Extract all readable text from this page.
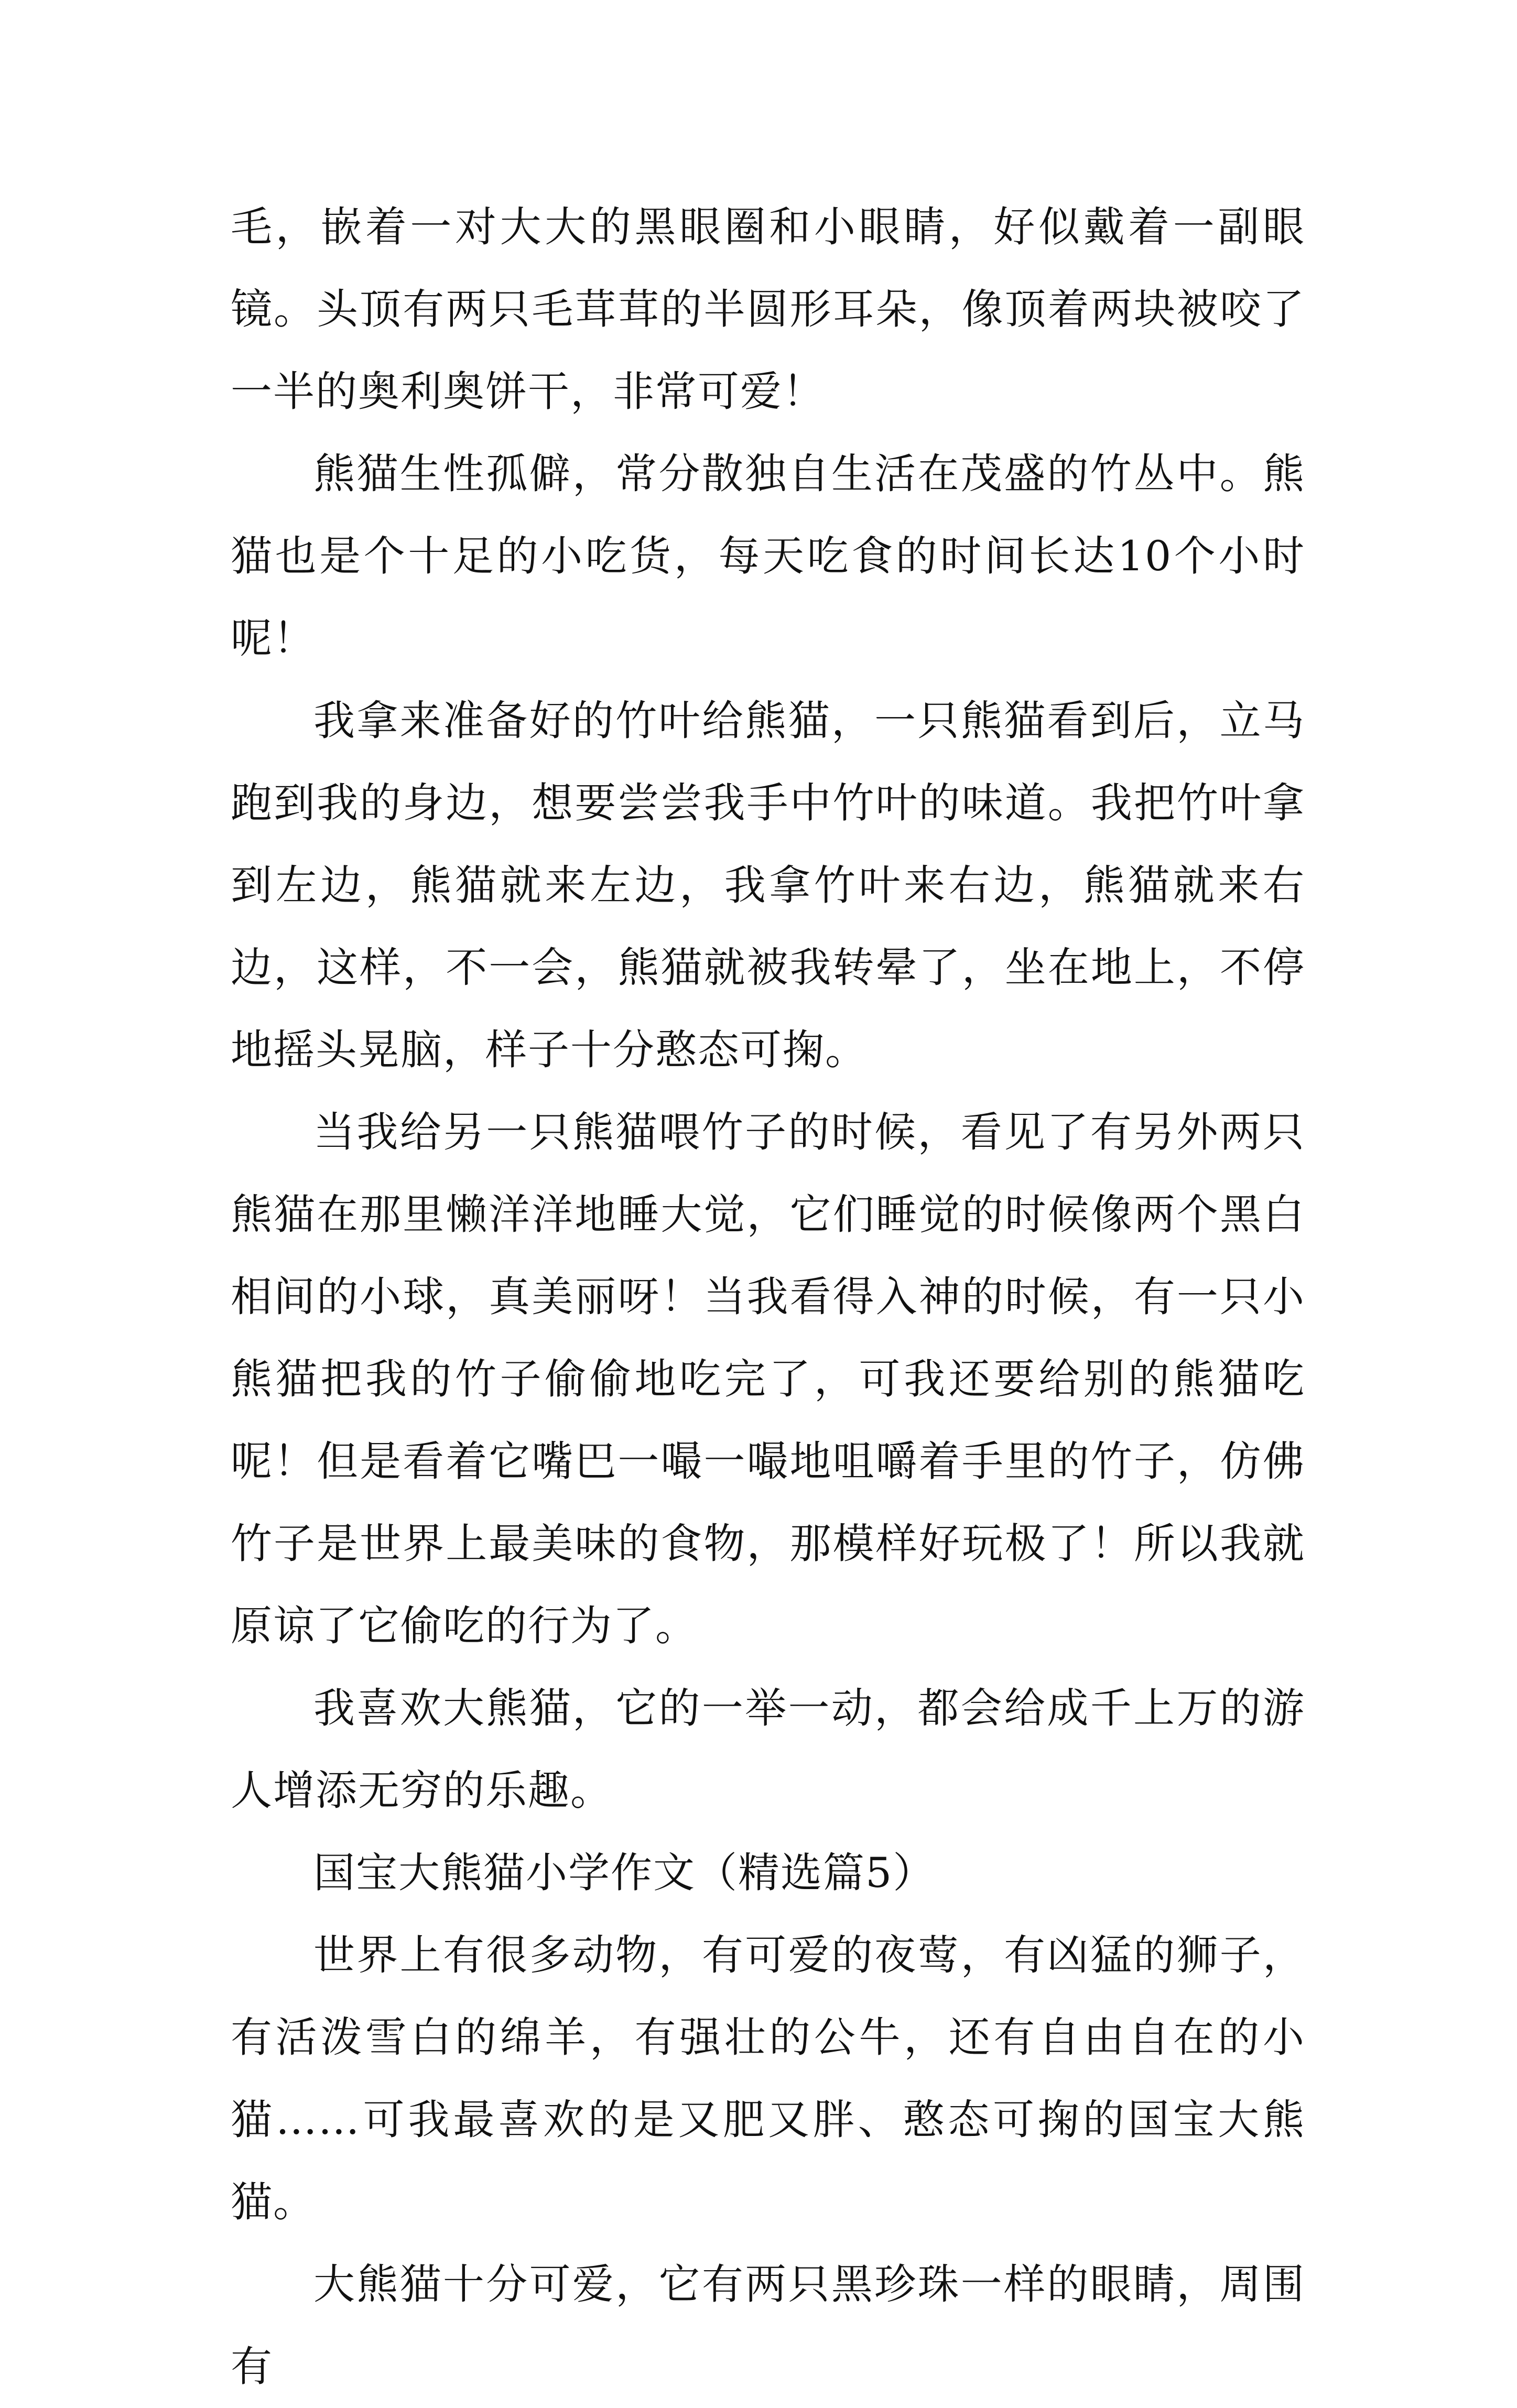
毛，嵌着一对大大的黑眼圈和小眼睛，好似戴着一副眼镜。头顶有两只毛茸茸的半圆形耳朵，像顶着两块被咬了一半的奥利奥饼干，非常可爱！

熊猫生性孤僻，常分散独自生活在茂盛的竹丛中。熊猫也是个十足的小吃货，每天吃食的时间长达10个小时呢！

我拿来准备好的竹叶给熊猫，一只熊猫看到后，立马跑到我的身边，想要尝尝我手中竹叶的味道。我把竹叶拿到左边，熊猫就来左边，我拿竹叶来右边，熊猫就来右边，这样，不一会，熊猫就被我转晕了，坐在地上，不停地摇头晃脑，样子十分憨态可掬。

当我给另一只熊猫喂竹子的时候，看见了有另外两只熊猫在那里懒洋洋地睡大觉，它们睡觉的时候像两个黑白相间的小球，真美丽呀！当我看得入神的时候，有一只小熊猫把我的竹子偷偷地吃完了，可我还要给别的熊猫吃呢！但是看着它嘴巴一嘬一嘬地咀嚼着手里的竹子，仿佛竹子是世界上最美味的食物，那模样好玩极了！所以我就原谅了它偷吃的行为了。

我喜欢大熊猫，它的一举一动，都会给成千上万的游人增添无穷的乐趣。

国宝大熊猫小学作文（精选篇5）

世界上有很多动物，有可爱的夜莺，有凶猛的狮子，有活泼雪白的绵羊，有强壮的公牛，还有自由自在的小猫……可我最喜欢的是又肥又胖、憨态可掬的国宝大熊猫。

大熊猫十分可爱，它有两只黑珍珠一样的眼睛，周围有
